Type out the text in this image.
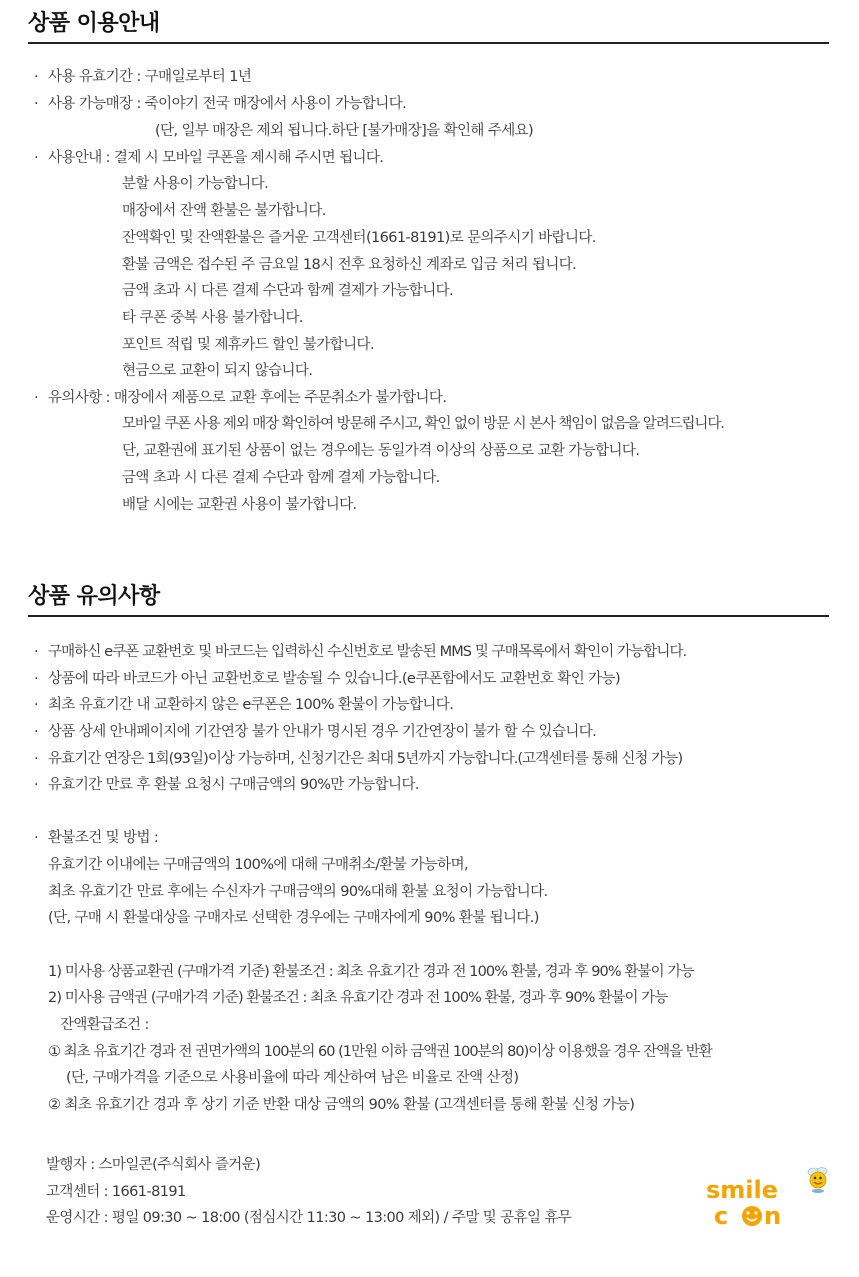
상품 이용안내
· 사용 유효기간 : 구매일로부터 1년
· 사용 가능매장 : 죽이야기 전국 매장에서 사용이 가능합니다.
(단, 일부 매장은 제외 됩니다.하단 [불가매장]을 확인해 주세요)
· 사용안내 : 결제 시 모바일 쿠폰을 제시해 주시면 됩니다.
분할 사용이 가능합니다.
매장에서 잔액 환불은 불가합니다.
잔액확인 및 잔액환불은 즐거운 고객센터(1661-8191)로 문의주시기 바랍니다.
환불 금액은 접수된 주 금요일 18시 전후 요청하신 계좌로 입금 처리 됩니다.
금액 초과 시 다른 결제 수단과 함께 결제가 가능합니다.
타 쿠폰 중복 사용 불가합니다.
포인트 적립 및 제휴카드 할인 불가합니다.
현금으로 교환이 되지 않습니다.
· 유의사항 : 매장에서 제품으로 교환 후에는 주문취소가 불가합니다.
모바일 쿠폰 사용 제외 매장 확인하여 방문해 주시고, 확인 없이 방문 시 본사 책임이 없음을 알려드립니다.
단, 교환권에 표기된 상품이 없는 경우에는 동일가격 이상의 상품으로 교환 가능합니다.
금액 초과 시 다른 결제 수단과 함께 결제 가능합니다.
배달 시에는 교환권 사용이 불가합니다.
상품 유의사항
· 구매하신 e쿠폰 교환번호 및 바코드는 입력하신 수신번호로 발송된 MMS 및 구매목록에서 확인이 가능합니다.
· 상품에 따라 바코드가 아닌 교환번호로 발송될 수 있습니다.(e쿠폰함에서도 교환번호 확인 가능)
· 최초 유효기간 내 교환하지 않은 e쿠폰은 100% 환불이 가능합니다.
· 상품 상세 안내페이지에 기간연장 불가 안내가 명시된 경우 기간연장이 불가 할 수 있습니다.
· 유효기간 연장은 1회(93일)이상 가능하며, 신청기간은 최대 5년까지 가능합니다.(고객센터를 통해 신청 가능)
· 유효기간 만료 후 환불 요청시 구매금액의 90%만 가능합니다.
· 환불조건 및 방법 :
유효기간 이내에는 구매금액의 100%에 대해 구매취소/환불 가능하며,
최초 유효기간 만료 후에는 수신자가 구매금액의 90%대해 환불 요청이 가능합니다.
(단, 구매 시 환불대상을 구매자로 선택한 경우에는 구매자에게 90% 환불 됩니다.)
1) 미사용 상품교환권 (구매가격 기준) 환불조건 : 최초 유효기간 경과 전 100% 환불, 경과 후 90% 환불이 가능
2) 미사용 금액권 (구매가격 기준) 환불조건 : 최초 유효기간 경과 전 100% 환불, 경과 후 90% 환불이 가능
잔액환급조건 :
① 최초 유효기간 경과 전 권면가액의 100분의 60 (1만원 이하 금액권 100분의 80)이상 이용했을 경우 잔액을 반환
(단, 구매가격을 기준으로 사용비율에 따라 계산하여 남은 비율로 잔액 산정)
② 최초 유효기간 경과 후 상기 기준 반환 대상 금액의 90% 환불 (고객센터를 통해 환불 신청 가능)
발행자 : 스마일콘(주식회사 즐거운)
고객센터 : 1661-8191
운영시간 : 평일 09:30 ~ 18:00 (점심시간 11:30 ~ 13:00 제외) / 주말 및 공휴일 휴무
smile
c n
